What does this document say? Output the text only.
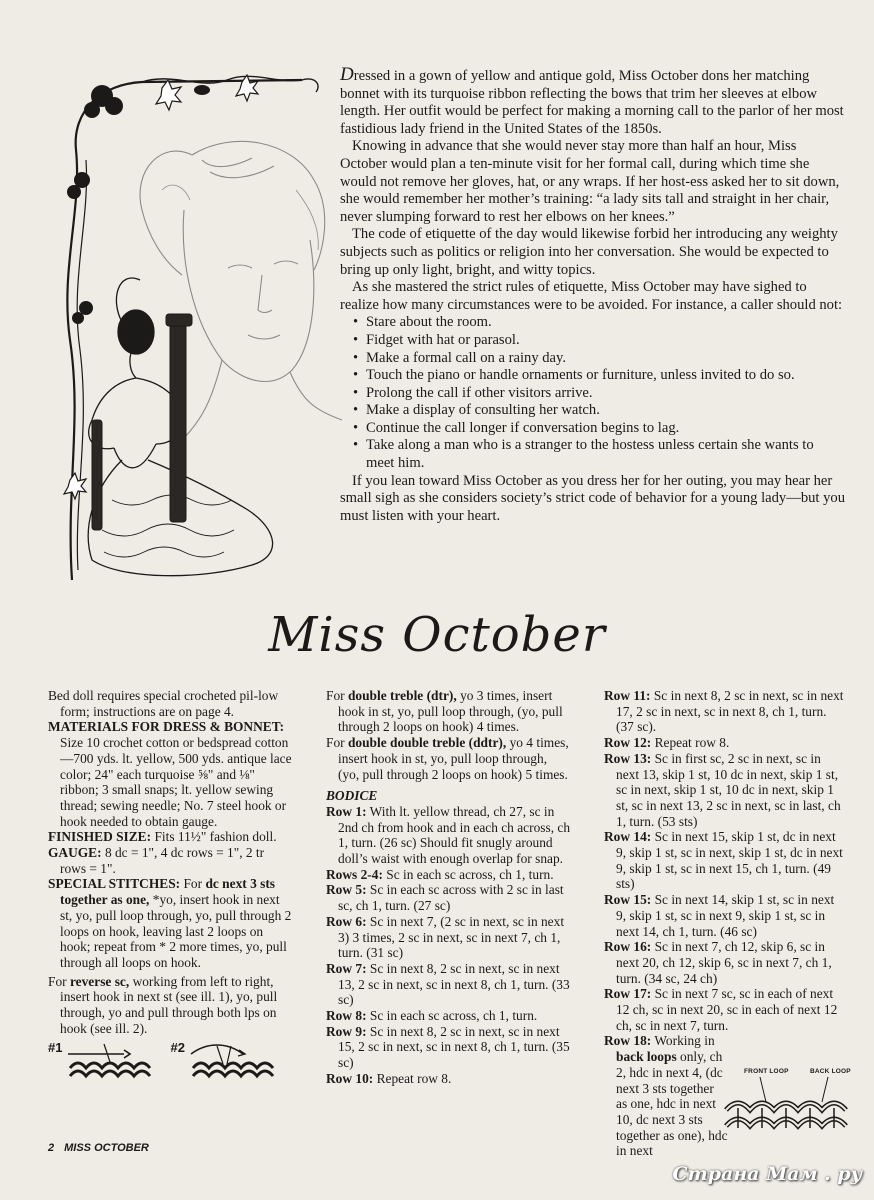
Dressed in a gown of yellow and antique gold, Miss October dons her matching bonnet with its turquoise ribbon reflecting the bows that trim her sleeves at elbow length. Her outfit would be perfect for making a morning call to the parlor of her most fastidious lady friend in the United States of the 1850s.

Knowing in advance that she would never stay more than half an hour, Miss October would plan a ten-minute visit for her formal call, during which time she would not remove her gloves, hat, or any wraps. If her host-ess asked her to sit down, she would remember her mother’s training: “a lady sits tall and straight in her chair, never slumping forward to rest her elbows on her knees.”

The code of etiquette of the day would likewise forbid her introducing any weighty subjects such as politics or religion into her conversation. She would be expected to bring up only light, bright, and witty topics.

As she mastered the strict rules of etiquette, Miss October may have sighed to realize how many circumstances were to be avoided. For instance, a caller should not:

• Stare about the room.
• Fidget with hat or parasol.
• Make a formal call on a rainy day.
• Touch the piano or handle ornaments or furniture, unless invited to do so.
• Prolong the call if other visitors arrive.
• Make a display of consulting her watch.
• Continue the call longer if conversation begins to lag.
• Take along a man who is a stranger to the hostess unless certain she wants to meet him.

If you lean toward Miss October as you dress her for her outing, you may hear her small sigh as she considers society’s strict code of behavior for a young lady—but you must listen with your heart.

Miss October

Bed doll requires special crocheted pil-low form; instructions are on page 4.

MATERIALS FOR DRESS & BONNET: Size 10 crochet cotton or bedspread cotton—700 yds. lt. yellow, 500 yds. antique lace color; 24" each turquoise ⅝" and ⅛" ribbon; 3 small snaps; lt. yellow sewing thread; sewing needle; No. 7 steel hook or hook needed to obtain gauge.

FINISHED SIZE: Fits 11½" fashion doll.

GAUGE: 8 dc = 1", 4 dc rows = 1", 2 tr rows = 1".

SPECIAL STITCHES: For dc next 3 sts together as one, *yo, insert hook in next st, yo, pull loop through, yo, pull through 2 loops on hook, leaving last 2 loops on hook; repeat from * 2 more times, yo, pull through all loops on hook.

For reverse sc, working from left to right, insert hook in next st (see ill. 1), yo, pull through, yo and pull through both lps on hook (see ill. 2).

#1	#2

For double treble (dtr), yo 3 times, insert hook in st, yo, pull loop through, (yo, pull through 2 loops on hook) 4 times.

For double double treble (ddtr), yo 4 times, insert hook in st, yo, pull loop through, (yo, pull through 2 loops on hook) 5 times.

BODICE

Row 1: With lt. yellow thread, ch 27, sc in 2nd ch from hook and in each ch across, ch 1, turn. (26 sc) Should fit snugly around doll’s waist with enough overlap for snap.

Rows 2-4: Sc in each sc across, ch 1, turn.

Row 5: Sc in each sc across with 2 sc in last sc, ch 1, turn. (27 sc)

Row 6: Sc in next 7, (2 sc in next, sc in next 3) 3 times, 2 sc in next, sc in next 7, ch 1, turn. (31 sc)

Row 7: Sc in next 8, 2 sc in next, sc in next 13, 2 sc in next, sc in next 8, ch 1, turn. (33 sc)

Row 8: Sc in each sc across, ch 1, turn.

Row 9: Sc in next 8, 2 sc in next, sc in next 15, 2 sc in next, sc in next 8, ch 1, turn. (35 sc)

Row 10: Repeat row 8.

Row 11: Sc in next 8, 2 sc in next, sc in next 17, 2 sc in next, sc in next 8, ch 1, turn. (37 sc).

Row 12: Repeat row 8.

Row 13: Sc in first sc, 2 sc in next, sc in next 13, skip 1 st, 10 dc in next, skip 1 st, sc in next, skip 1 st, 10 dc in next, skip 1 st, sc in next 13, 2 sc in next, sc in last, ch 1, turn. (53 sts)

Row 14: Sc in next 15, skip 1 st, dc in next 9, skip 1 st, sc in next, skip 1 st, dc in next 9, skip 1 st, sc in next 15, ch 1, turn. (49 sts)

Row 15: Sc in next 14, skip 1 st, sc in next 9, skip 1 st, sc in next 9, skip 1 st, sc in next 14, ch 1, turn. (46 sc)

Row 16: Sc in next 7, ch 12, skip 6, sc in next 20, ch 12, skip 6, sc in next 7, ch 1, turn. (34 sc, 24 ch)

Row 17: Sc in next 7 sc, sc in each of next 12 ch, sc in next 20, sc in each of next 12 ch, sc in next 7, turn.

Row 18: Working in back loops only, ch 2, hdc in next 4, (dc next 3 sts together as one, hdc in next 10, dc next 3 sts together as one), hdc in next

FRONT LOOP	BACK LOOP
2 MISS OCTOBER
Страна Мам . ру
